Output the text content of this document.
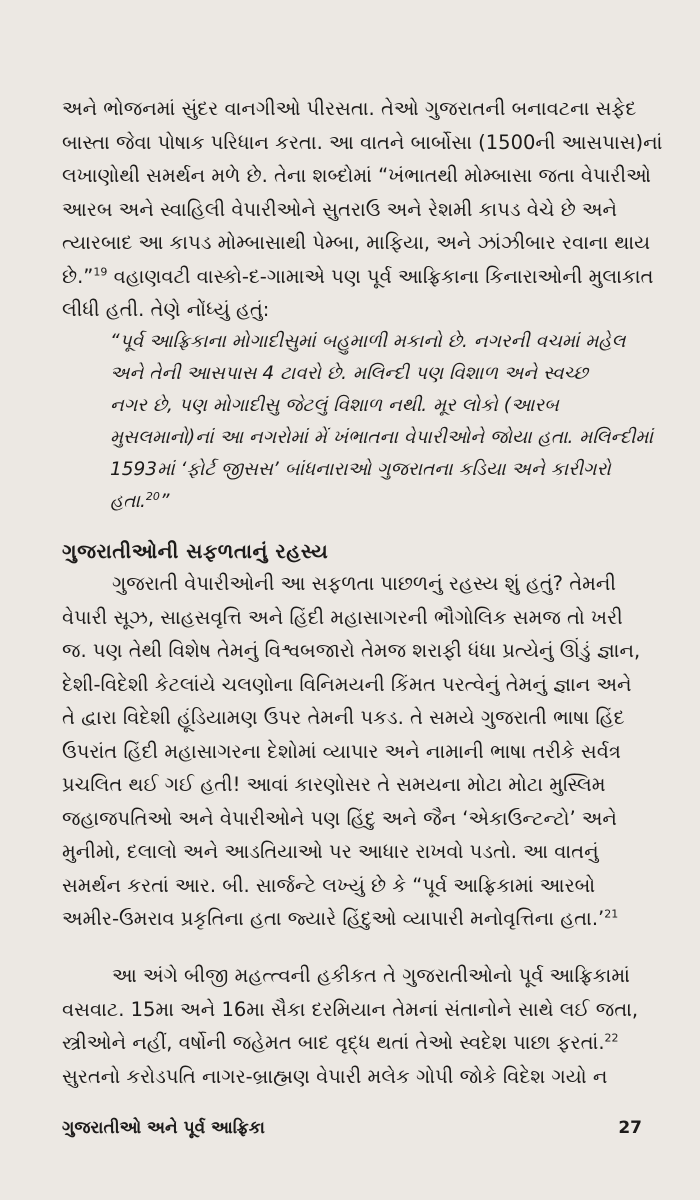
અને ભોજનમાં સુંદર વાનગીઓ પીરસતા. તેઓ ગુજરાતની બનાવટના સફેદ

બાસ્તા જેવા પોષાક પરિધાન કરતા. આ વાતને બાર્બોસા (1500ની આસપાસ)નાં

લખાણોથી સમર્થન મળે છે. તેના શબ્દોમાં “ખંભાતથી મોમ્બાસા જતા વેપારીઓ

આરબ અને સ્વાહિલી વેપારીઓને સુતરાઉ અને રેશમી કાપડ વેચે છે અને

ત્યારબાદ આ કાપડ મોમ્બાસાથી પેમ્બા, માફિયા, અને ઝાંઝીબાર રવાના થાય

છે.”$^{19}$ વહાણવટી વાસ્કો-દ-ગામાએ પણ પૂર્વ આફ્રિકાના કિનારાઓની મુલાકાત

લીધી હતી. તેણે નોંધ્યું હતું:

“પૂર્વ આફ્રિકાના મોગાદીસુમાં બહુમાળી મકાનો છે. નગરની વચમાં મહેલ

અને તેની આસપાસ 4 ટાવરો છે. મલિન્દી પણ વિશાળ અને સ્વચ્છ

નગર છે, પણ મોગાદીસુ જેટલું વિશાળ નથી. મૂર લોકો (આરબ

મુસલમાનો)નાં આ નગરોમાં મેં ખંભાતના વેપારીઓને જોયા હતા. મલિન્દીમાં

1593માં ‘ફોર્ટ જીસસ’ બાંધનારાઓ ગુજરાતના કડિયા અને કારીગરો

હતા.$^{20}$”

ગુજરાતીઓની સફળતાનું રહસ્ય

ગુજરાતી વેપારીઓની આ સફળતા પાછળનું રહસ્ય શું હતું? તેમની

વેપારી સૂઝ, સાહસવૃત્તિ અને હિંદી મહાસાગરની ભૌગોલિક સમજ તો ખરી

જ. પણ તેથી વિશેષ તેમનું વિશ્વબજારો તેમજ શરાફી ધંધા પ્રત્યેનું ઊંડું જ્ઞાન,

દેશી-વિદેશી કેટલાંયે ચલણોના વિનિમયની કિંમત પરત્વેનું તેમનું જ્ઞાન અને

તે દ્વારા વિદેશી હૂંડિયામણ ઉપર તેમની પકડ. તે સમયે ગુજરાતી ભાષા હિંદ

ઉપરાંત હિંદી મહાસાગરના દેશોમાં વ્યાપાર અને નામાની ભાષા તરીકે સર્વત્ર

પ્રચલિત થઈ ગઈ હતી! આવાં કારણોસર તે સમયના મોટા મોટા મુસ્લિમ

જહાજપતિઓ અને વેપારીઓને પણ હિંદુ અને જૈન ‘એકાઉન્ટન્ટો’ અને

મુનીમો, દલાલો અને આડતિયાઓ પર આધાર રાખવો પડતો. આ વાતનું

સમર્થન કરતાં આર. બી. સાર્જન્ટે લખ્યું છે કે “પૂર્વ આફ્રિકામાં આરબો

અમીર-ઉમરાવ પ્રકૃતિના હતા જ્યારે હિંદુઓ વ્યાપારી મનોવૃત્તિના હતા.’$^{21}$

આ અંગે બીજી મહત્ત્વની હકીકત તે ગુજરાતીઓનો પૂર્વ આફ્રિકામાં

વસવાટ. 15મા અને 16મા સૈકા દરમિયાન તેમનાં સંતાનોને સાથે લઈ જતા,

સ્ત્રીઓને નહીં, વર્ષોની જહેમત બાદ વૃદ્ધ થતાં તેઓ સ્વદેશ પાછા ફરતાં.$^{22}$

સુરતનો કરોડપતિ નાગર-બ્રાહ્મણ વેપારી મલેક ગોપી જોકે વિદેશ ગયો ન

ગુજરાતીઓ અને પૂર્વ આફ્રિકા	27
